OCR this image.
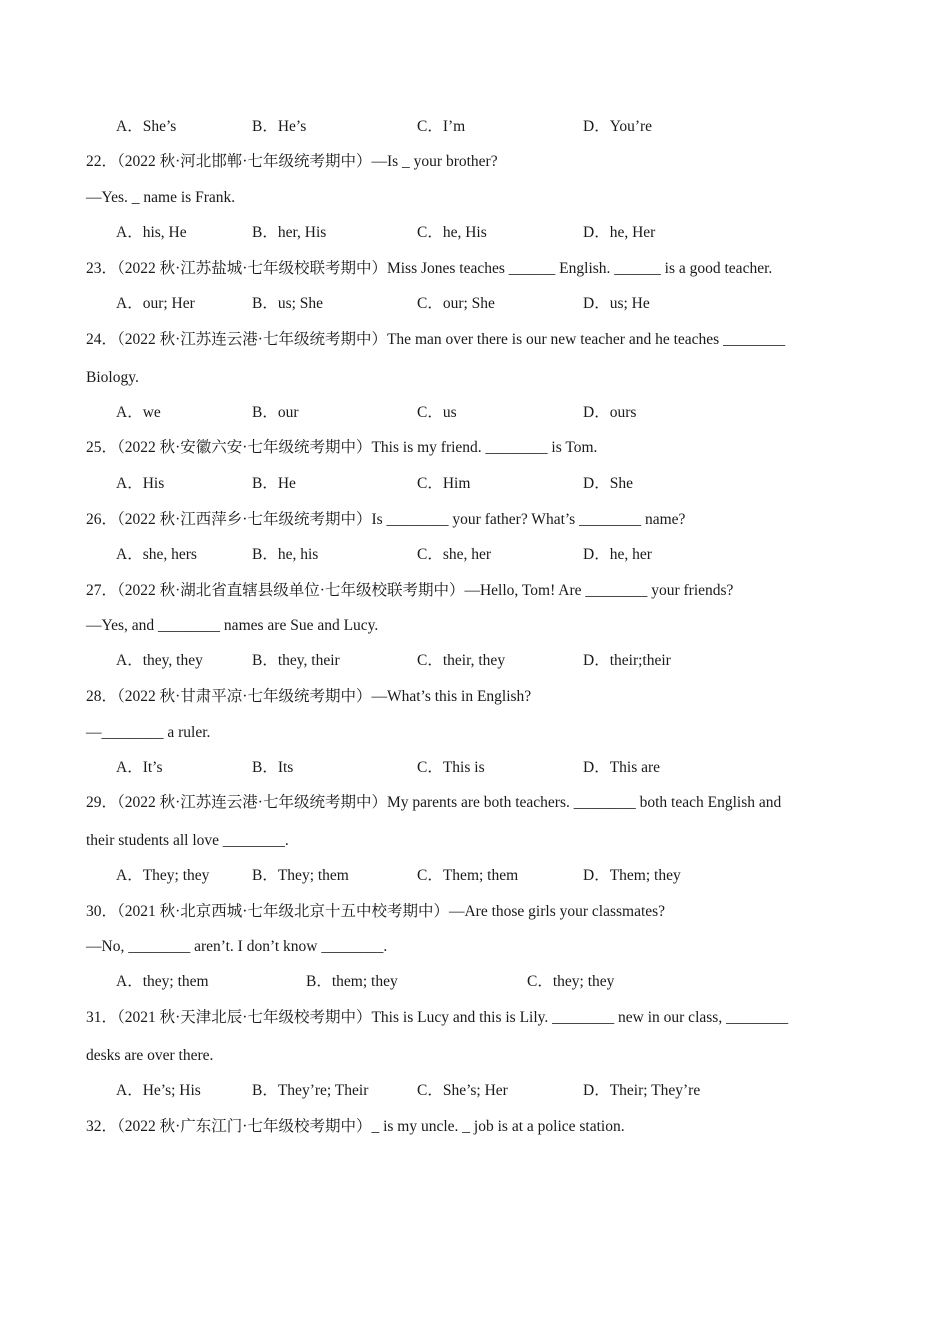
A．She’s	B．He’s	C．I’m	D．You’re
22．（2022 秋·河北邯郸·七年级统考期中）—Is _ your brother?
—Yes. _ name is Frank.
A．his, He	B．her, His	C．he, His	D．he, Her
23．（2022 秋·江苏盐城·七年级校联考期中）Miss Jones teaches ______ English. ______ is a good teacher.
A．our; Her	B．us; She	C．our; She	D．us; He
24．（2022 秋·江苏连云港·七年级统考期中）The man over there is our new teacher and he teaches ________
Biology.
A．we	B．our	C．us	D．ours
25．（2022 秋·安徽六安·七年级统考期中）This is my friend. ________ is Tom.
A．His	B．He	C．Him	D．She
26．（2022 秋·江西萍乡·七年级统考期中）Is ________ your father? What’s ________ name?
A．she, hers	B．he, his	C．she, her	D．he, her
27．（2022 秋·湖北省直辖县级单位·七年级校联考期中）—Hello, Tom! Are ________ your friends?
—Yes, and ________ names are Sue and Lucy.
A．they, they	B．they, their	C．their, they	D．their;their
28．（2022 秋·甘肃平凉·七年级统考期中）—What’s this in English?
—________ a ruler.
A．It’s	B．Its	C．This is	D．This are
29．（2022 秋·江苏连云港·七年级统考期中）My parents are both teachers. ________ both teach English and
their students all love ________.
A．They; they	B．They; them	C．Them; them	D．Them; they
30．（2021 秋·北京西城·七年级北京十五中校考期中）—Are those girls your classmates?
—No, ________ aren’t. I don’t know ________.
A．they; them	B．them; they	C．they; they
31．（2021 秋·天津北辰·七年级校考期中）This is Lucy and this is Lily. ________ new in our class, ________
desks are over there.
A．He’s; His	B．They’re; Their	C．She’s; Her	D．Their; They’re
32．（2022 秋·广东江门·七年级校考期中）_ is my uncle. _ job is at a police station.
